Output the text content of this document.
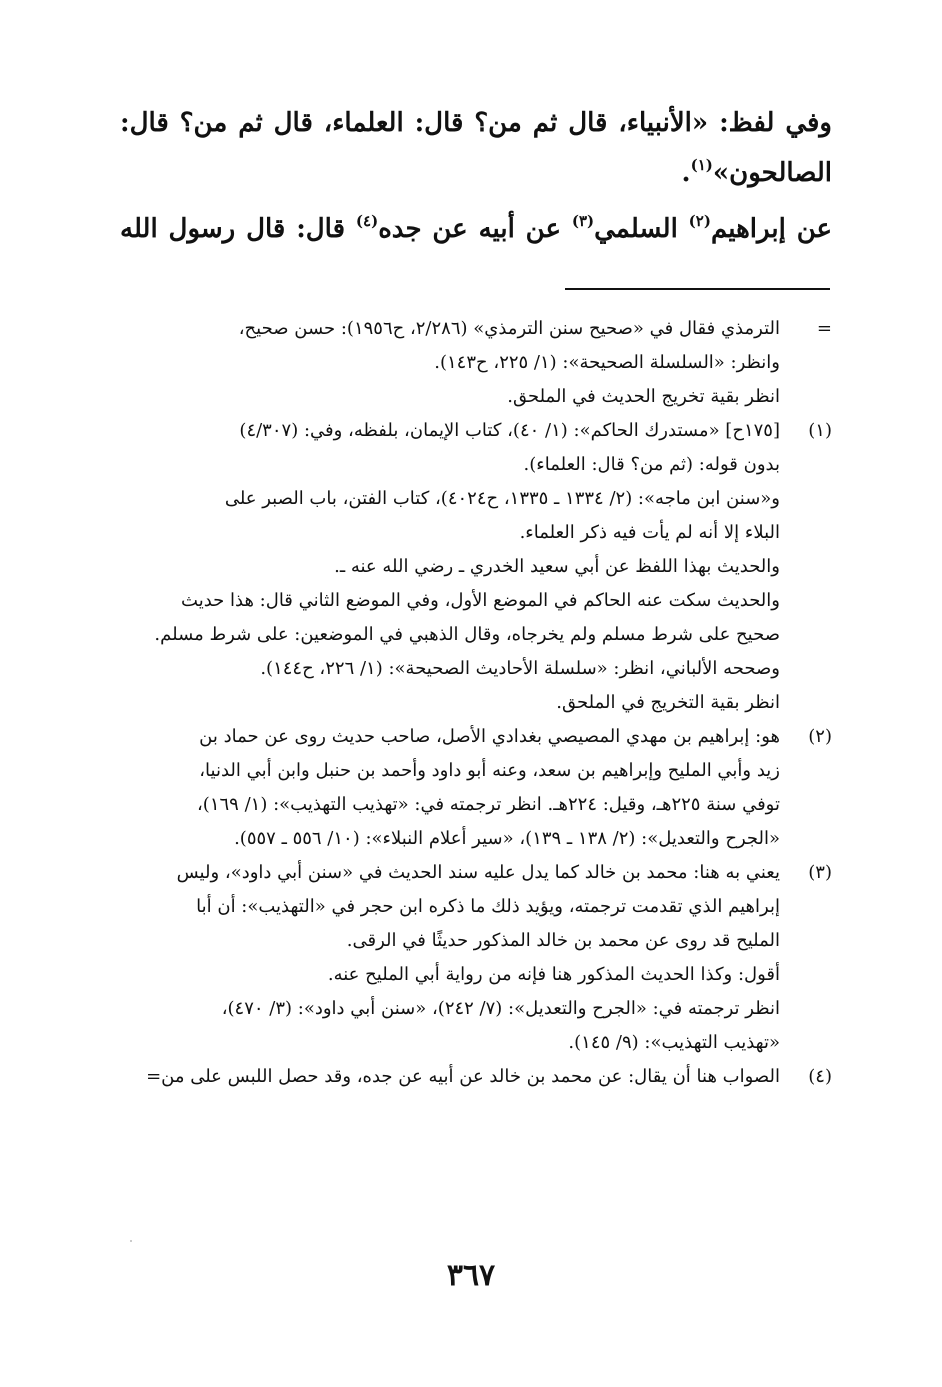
وفي لفظ: «الأنبياء، قال ثم من؟ قال: العلماء، قال ثم من؟ قال:
الصالحون»$^{(١)}$.
عن إبراهيم$^{(٢)}$ السلمي$^{(٣)}$ عن أبيه عن جده$^{(٤)}$ قال: قال رسول الله
=
الترمذي فقال في «صحيح سنن الترمذي» (٢/٢٨٦، ح١٩٥٦): حسن صحيح،
وانظر: «السلسلة الصحيحة»: (١/ ٢٢٥، ح١٤٣).
انظر بقية تخريج الحديث في الملحق.
(١)
[١٧٥ح] «مستدرك الحاكم»: (١/ ٤٠)، كتاب الإيمان، بلفظه، وفي: (٤/٣٠٧)
بدون قوله: (ثم من؟ قال: العلماء).
و«سنن ابن ماجه»: (٢/ ١٣٣٤ ـ ١٣٣٥، ح٤٠٢٤)، كتاب الفتن، باب الصبر على
البلاء إلا أنه لم يأت فيه ذكر العلماء.
والحديث بهذا اللفظ عن أبي سعيد الخدري ـ رضي الله عنه ـ.
والحديث سكت عنه الحاكم في الموضع الأول، وفي الموضع الثاني قال: هذا حديث
صحيح على شرط مسلم ولم يخرجاه، وقال الذهبي في الموضعين: على شرط مسلم.
وصححه الألباني، انظر: «سلسلة الأحاديث الصحيحة»: (١/ ٢٢٦، ح١٤٤).
انظر بقية التخريج في الملحق.
(٢)
هو: إبراهيم بن مهدي المصيصي بغدادي الأصل، صاحب حديث روى عن حماد بن
زيد وأبي المليح وإبراهيم بن سعد، وعنه أبو داود وأحمد بن حنبل وابن أبي الدنيا،
توفي سنة ٢٢٥هـ، وقيل: ٢٢٤هـ. انظر ترجمته في: «تهذيب التهذيب»: (١/ ١٦٩)،
«الجرح والتعديل»: (٢/ ١٣٨ ـ ١٣٩)، «سير أعلام النبلاء»: (١٠/ ٥٥٦ ـ ٥٥٧).
(٣)
يعني به هنا: محمد بن خالد كما يدل عليه سند الحديث في «سنن أبي داود»، وليس
إبراهيم الذي تقدمت ترجمته، ويؤيد ذلك ما ذكره ابن حجر في «التهذيب»: أن أبا
المليح قد روى عن محمد بن خالد المذكور حديثًا في الرقى.
أقول: وكذا الحديث المذكور هنا فإنه من رواية أبي المليح عنه.
انظر ترجمته في: «الجرح والتعديل»: (٧/ ٢٤٢)، «سنن أبي داود»: (٣/ ٤٧٠)،
«تهذيب التهذيب»: (٩/ ١٤٥).
(٤)
الصواب هنا أن يقال: عن محمد بن خالد عن أبيه عن جده، وقد حصل اللبس على من=
٣٦٧
